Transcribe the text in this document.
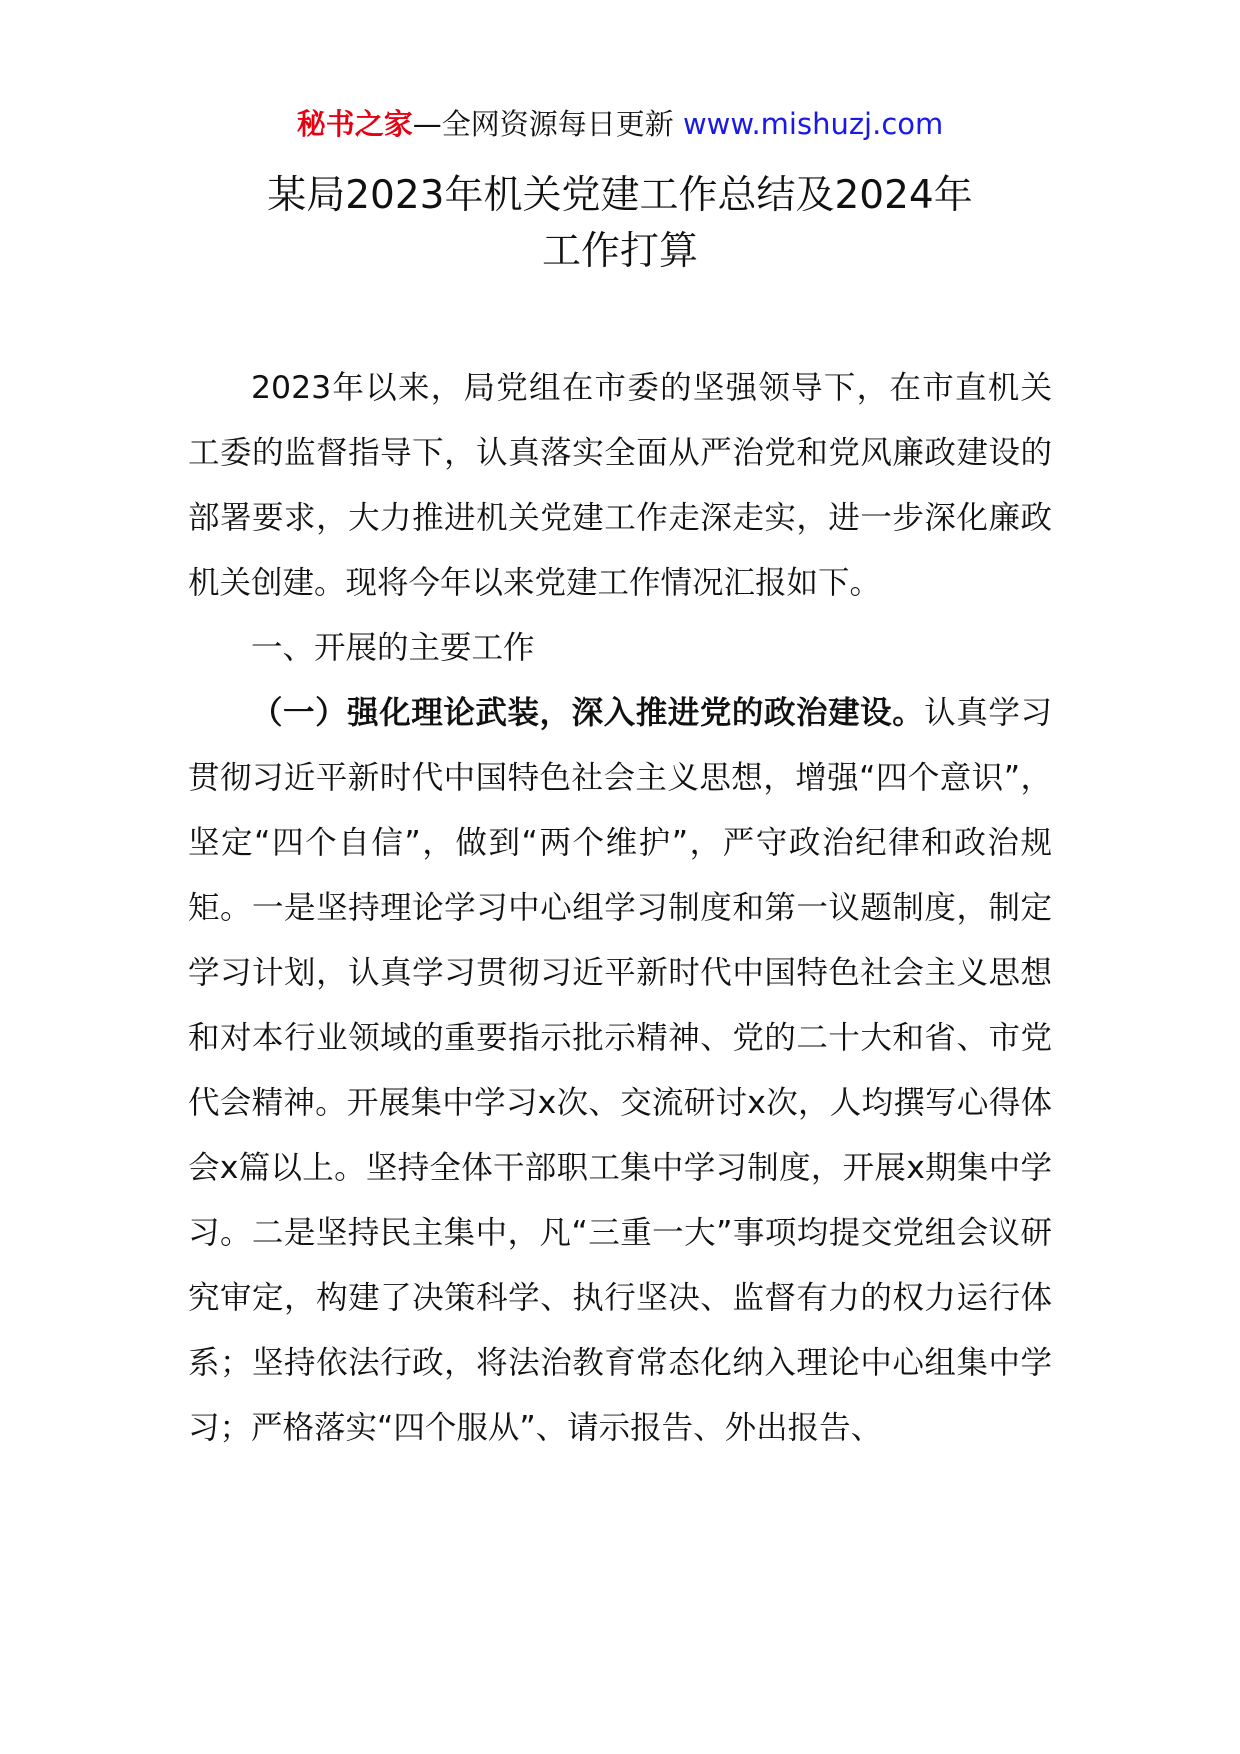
秘书之家—全网资源每日更新 www.mishuzj.com
某局2023年机关党建工作总结及2024年
工作打算

2023年以来，局党组在市委的坚强领导下，在市直机关工委的监督指导下，认真落实全面从严治党和党风廉政建设的部署要求，大力推进机关党建工作走深走实，进一步深化廉政机关创建。现将今年以来党建工作情况汇报如下。

一、开展的主要工作

（一）强化理论武装，深入推进党的政治建设。认真学习贯彻习近平新时代中国特色社会主义思想，增强“四个意识”，坚定“四个自信”，做到“两个维护”，严守政治纪律和政治规矩。一是坚持理论学习中心组学习制度和第一议题制度，制定学习计划，认真学习贯彻习近平新时代中国特色社会主义思想和对本行业领域的重要指示批示精神、党的二十大和省、市党代会精神。开展集中学习x次、交流研讨x次，人均撰写心得体会x篇以上。坚持全体干部职工集中学习制度，开展x期集中学习。二是坚持民主集中，凡“三重一大”事项均提交党组会议研究审定，构建了决策科学、执行坚决、监督有力的权力运行体系；坚持依法行政，将法治教育常态化纳入理论中心组集中学习；严格落实“四个服从”、请示报告、外出报告、
